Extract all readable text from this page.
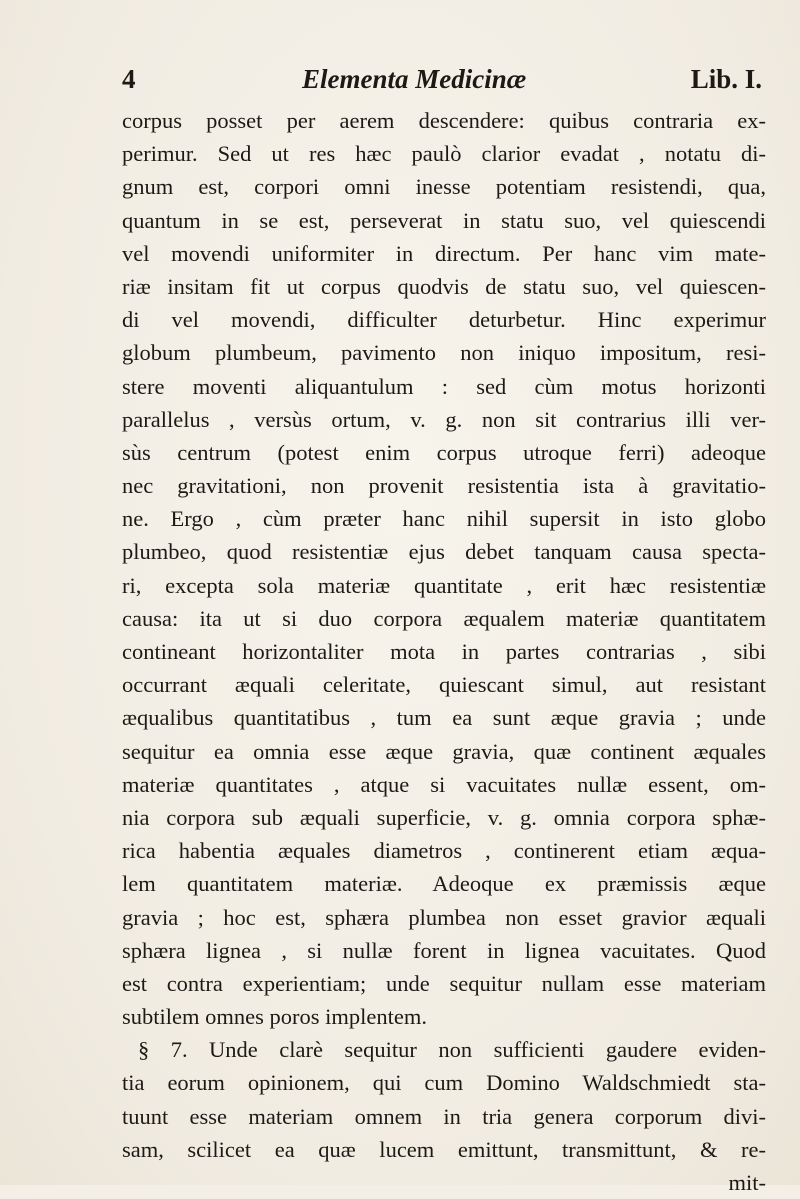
4	Elementa Medicinæ	Lib. I.
corpus posset per aerem descendere: quibus contraria ex-
perimur. Sed ut res hæc paulò clarior evadat , notatu di-
gnum est, corpori omni inesse potentiam resistendi, qua,
quantum in se est, perseverat in statu suo, vel quiescendi
vel movendi uniformiter in directum. Per hanc vim mate-
riæ insitam fit ut corpus quodvis de statu suo, vel quiescen-
di vel movendi, difficulter deturbetur. Hinc experimur
globum plumbeum, pavimento non iniquo impositum, resi-
stere moventi aliquantulum : sed cùm motus horizonti
parallelus , versùs ortum, v. g. non sit contrarius illi ver-
sùs centrum (potest enim corpus utroque ferri) adeoque
nec gravitationi, non provenit resistentia ista à gravitatio-
ne. Ergo , cùm præter hanc nihil supersit in isto globo
plumbeo, quod resistentiæ ejus debet tanquam causa specta-
ri, excepta sola materiæ quantitate , erit hæc resistentiæ
causa: ita ut si duo corpora æqualem materiæ quantitatem
contineant horizontaliter mota in partes contrarias , sibi
occurrant æquali celeritate, quiescant simul, aut resistant
æqualibus quantitatibus , tum ea sunt æque gravia ; unde
sequitur ea omnia esse æque gravia, quæ continent æquales
materiæ quantitates , atque si vacuitates nullæ essent, om-
nia corpora sub æquali superficie, v. g. omnia corpora sphæ-
rica habentia æquales diametros , continerent etiam æqua-
lem quantitatem materiæ. Adeoque ex præmissis æque
gravia ; hoc est, sphæra plumbea non esset gravior æquali
sphæra lignea , si nullæ forent in lignea vacuitates. Quod
est contra experientiam; unde sequitur nullam esse materiam
subtilem omnes poros implentem.
§ 7. Unde clarè sequitur non sufficienti gaudere eviden-
tia eorum opinionem, qui cum Domino Waldschmiedt sta-
tuunt esse materiam omnem in tria genera corporum divi-
sam, scilicet ea quæ lucem emittunt, transmittunt, & re-
mit-
